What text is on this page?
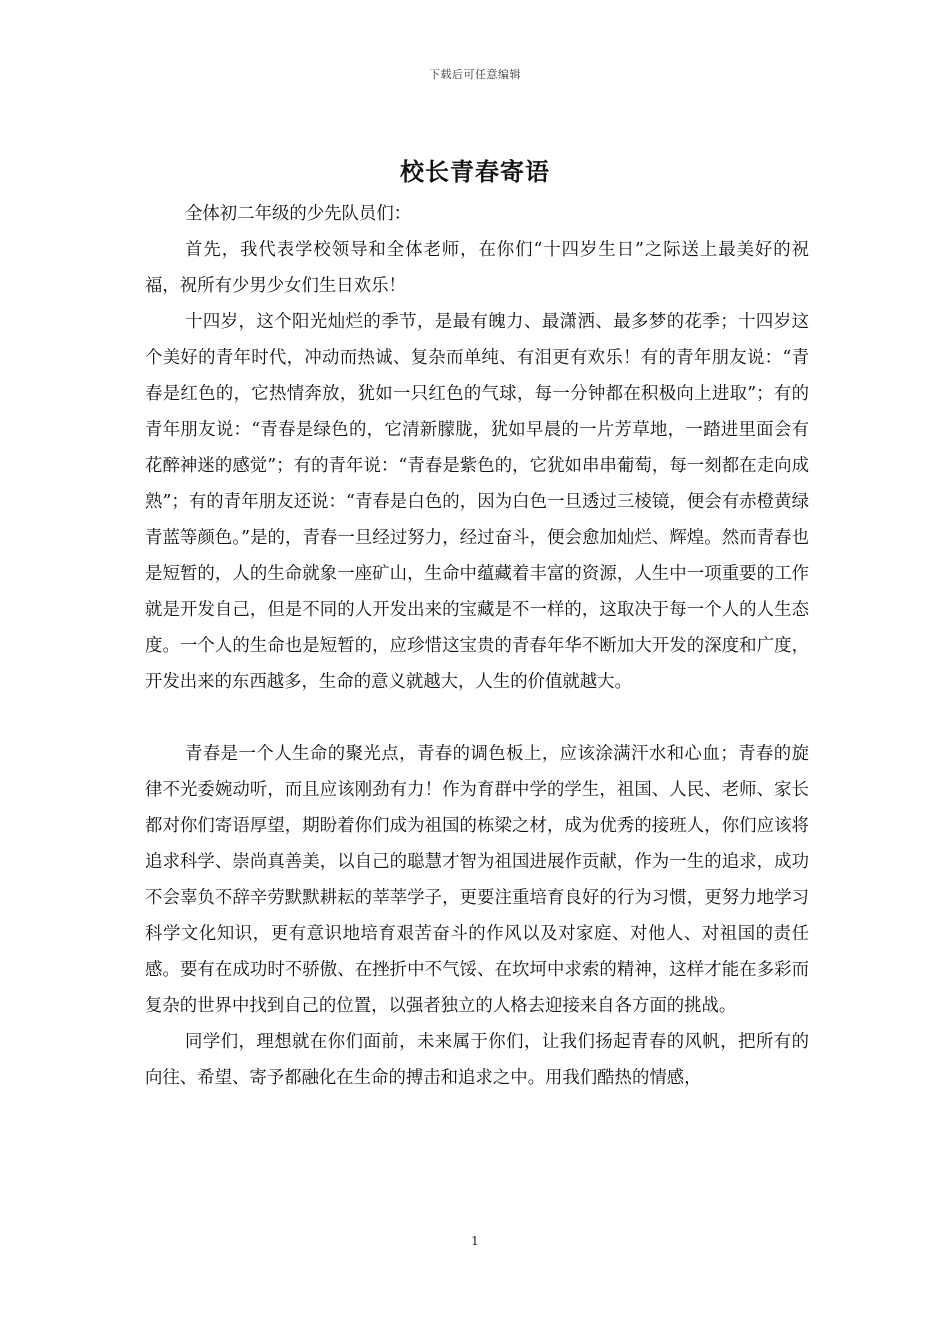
下载后可任意编辑
校长青春寄语

全体初二年级的少先队员们：

首先，我代表学校领导和全体老师，在你们“十四岁生日”之际送上最美好的祝福，祝所有少男少女们生日欢乐！

十四岁，这个阳光灿烂的季节，是最有魄力、最潇洒、最多梦的花季；十四岁这个美好的青年时代，冲动而热诚、复杂而单纯、有泪更有欢乐！有的青年朋友说：“青春是红色的，它热情奔放，犹如一只红色的气球，每一分钟都在积极向上进取”；有的青年朋友说：“青春是绿色的，它清新朦胧，犹如早晨的一片芳草地，一踏进里面会有花醉神迷的感觉”；有的青年说：“青春是紫色的，它犹如串串葡萄，每一刻都在走向成熟”；有的青年朋友还说：“青春是白色的，因为白色一旦透过三棱镜，便会有赤橙黄绿青蓝等颜色。”是的，青春一旦经过努力，经过奋斗，便会愈加灿烂、辉煌。然而青春也是短暂的，人的生命就象一座矿山，生命中蕴藏着丰富的资源，人生中一项重要的工作就是开发自己，但是不同的人开发出来的宝藏是不一样的，这取决于每一个人的人生态度。一个人的生命也是短暂的，应珍惜这宝贵的青春年华不断加大开发的深度和广度，开发出来的东西越多，生命的意义就越大，人生的价值就越大。

青春是一个人生命的聚光点，青春的调色板上，应该涂满汗水和心血；青春的旋律不光委婉动听，而且应该刚劲有力！作为育群中学的学生，祖国、人民、老师、家长都对你们寄语厚望，期盼着你们成为祖国的栋梁之材，成为优秀的接班人，你们应该将追求科学、崇尚真善美，以自己的聪慧才智为祖国进展作贡献，作为一生的追求，成功不会辜负不辞辛劳默默耕耘的莘莘学子，更要注重培育良好的行为习惯，更努力地学习科学文化知识，更有意识地培育艰苦奋斗的作风以及对家庭、对他人、对祖国的责任感。要有在成功时不骄傲、在挫折中不气馁、在坎坷中求索的精神，这样才能在多彩而复杂的世界中找到自己的位置，以强者独立的人格去迎接来自各方面的挑战。

同学们，理想就在你们面前，未来属于你们，让我们扬起青春的风帆，把所有的向往、希望、寄予都融化在生命的搏击和追求之中。用我们酷热的情感，

1
